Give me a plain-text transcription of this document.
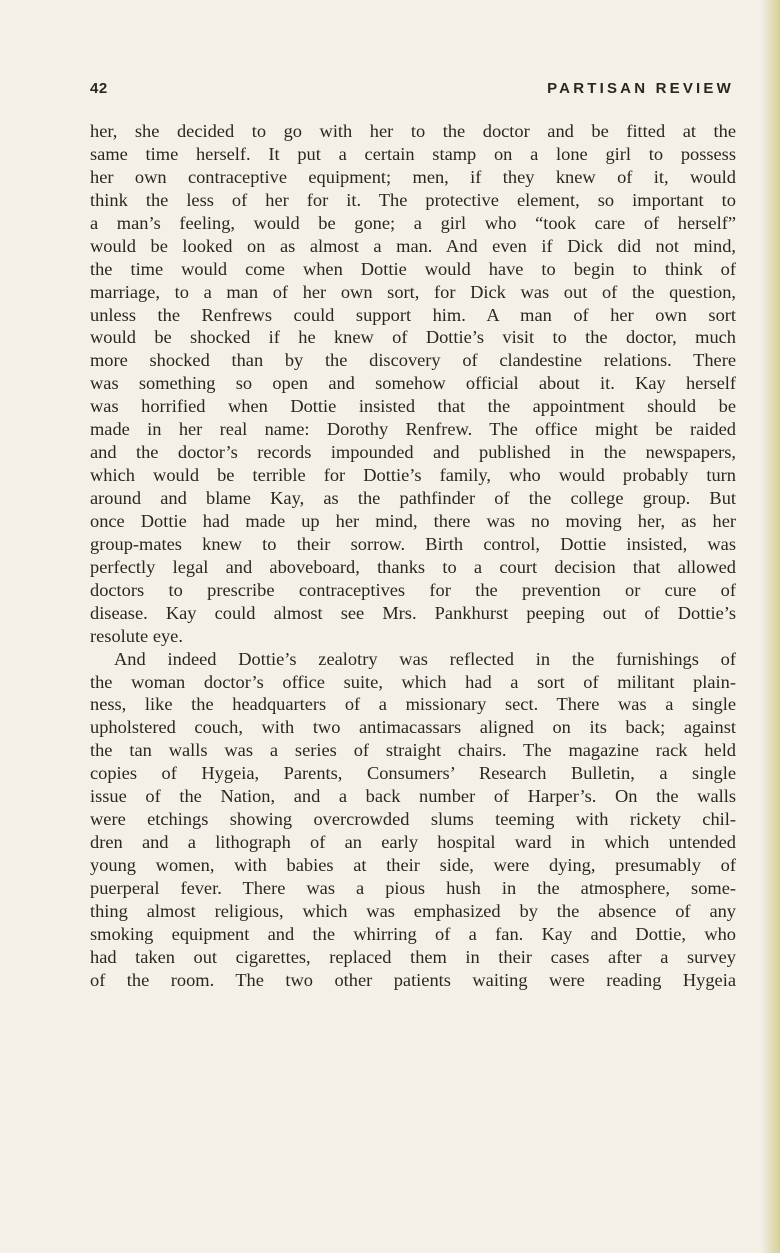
42	PARTISAN REVIEW
her, she decided to go with her to the doctor and be fitted at the
same time herself. It put a certain stamp on a lone girl to possess
her own contraceptive equipment; men, if they knew of it, would
think the less of her for it. The protective element, so important to
a man’s feeling, would be gone; a girl who “took care of herself”
would be looked on as almost a man. And even if Dick did not mind,
the time would come when Dottie would have to begin to think of
marriage, to a man of her own sort, for Dick was out of the question,
unless the Renfrews could support him. A man of her own sort
would be shocked if he knew of Dottie’s visit to the doctor, much
more shocked than by the discovery of clandestine relations. There
was something so open and somehow official about it. Kay herself
was horrified when Dottie insisted that the appointment should be
made in her real name: Dorothy Renfrew. The office might be raided
and the doctor’s records impounded and published in the newspapers,
which would be terrible for Dottie’s family, who would probably turn
around and blame Kay, as the pathfinder of the college group. But
once Dottie had made up her mind, there was no moving her, as her
group-mates knew to their sorrow. Birth control, Dottie insisted, was
perfectly legal and aboveboard, thanks to a court decision that allowed
doctors to prescribe contraceptives for the prevention or cure of
disease. Kay could almost see Mrs. Pankhurst peeping out of Dottie’s
resolute eye.
And indeed Dottie’s zealotry was reflected in the furnishings of
the woman doctor’s office suite, which had a sort of militant plain-
ness, like the headquarters of a missionary sect. There was a single
upholstered couch, with two antimacassars aligned on its back; against
the tan walls was a series of straight chairs. The magazine rack held
copies of Hygeia, Parents, Consumers’ Research Bulletin, a single
issue of the Nation, and a back number of Harper’s. On the walls
were etchings showing overcrowded slums teeming with rickety chil-
dren and a lithograph of an early hospital ward in which untended
young women, with babies at their side, were dying, presumably of
puerperal fever. There was a pious hush in the atmosphere, some-
thing almost religious, which was emphasized by the absence of any
smoking equipment and the whirring of a fan. Kay and Dottie, who
had taken out cigarettes, replaced them in their cases after a survey
of the room. The two other patients waiting were reading Hygeia
